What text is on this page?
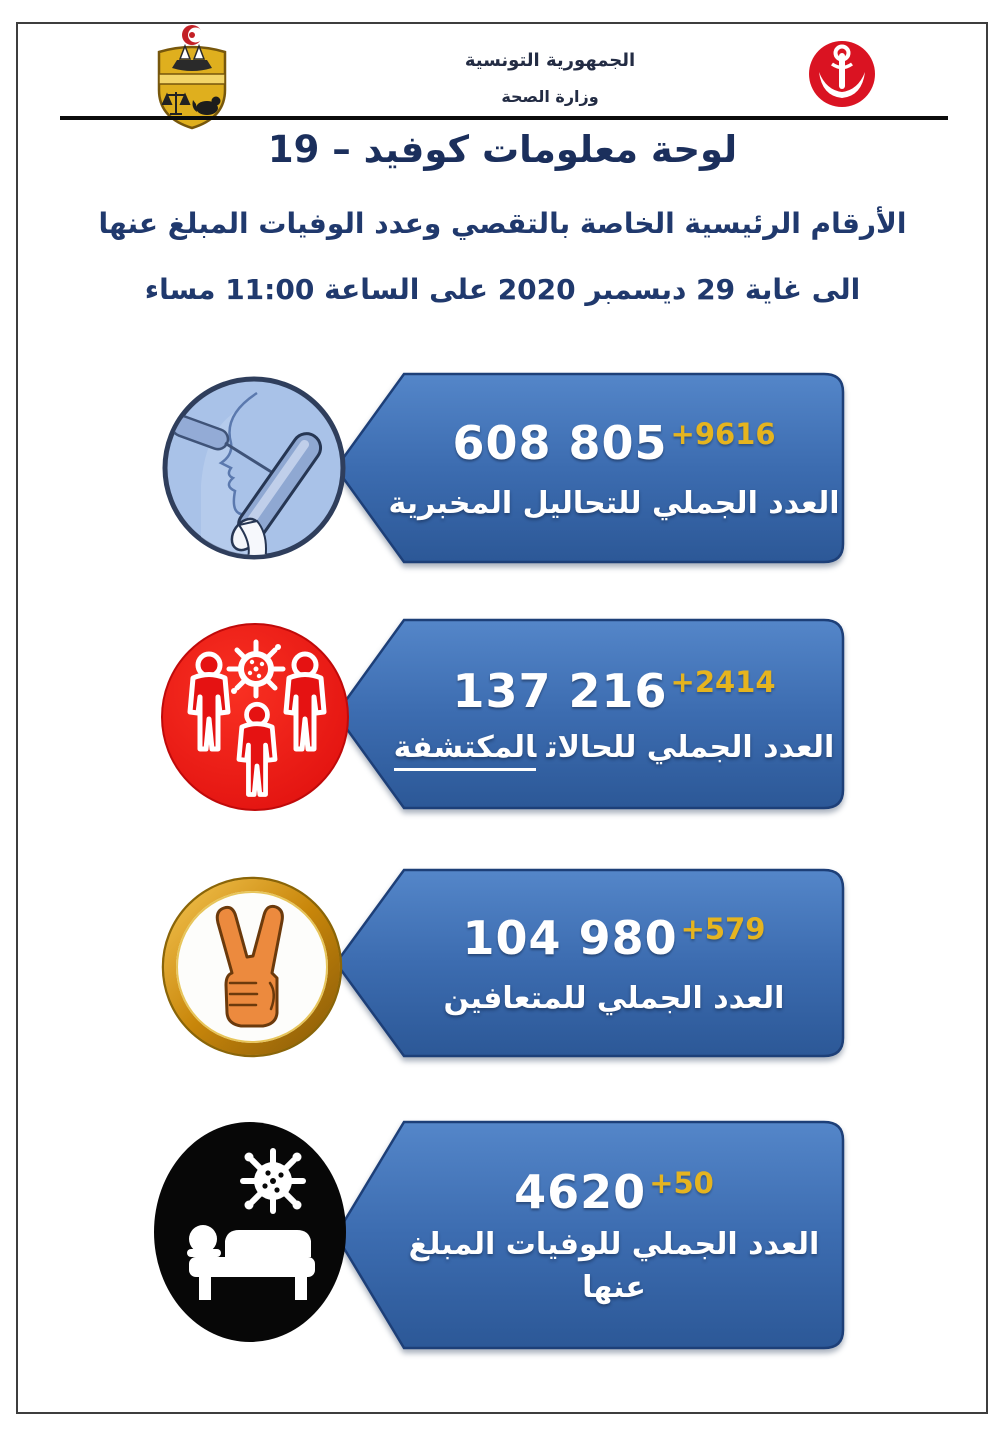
الجمهورية التونسية
وزارة الصحة
لوحة معلومات كوفيد – 19
الأرقام الرئيسية الخاصة بالتقصي وعدد الوفيات المبلغ عنها
الى غاية 29 ديسمبر 2020 على الساعة 11:00 مساء
608 805 +9616
العدد الجملي للتحاليل المخبرية
137 216 +2414
العدد الجملي للحالاتالمكتشفة
104 980 +579
العدد الجملي للمتعافين
4620 +50
العدد الجملي للوفيات المبلغ
عنها
